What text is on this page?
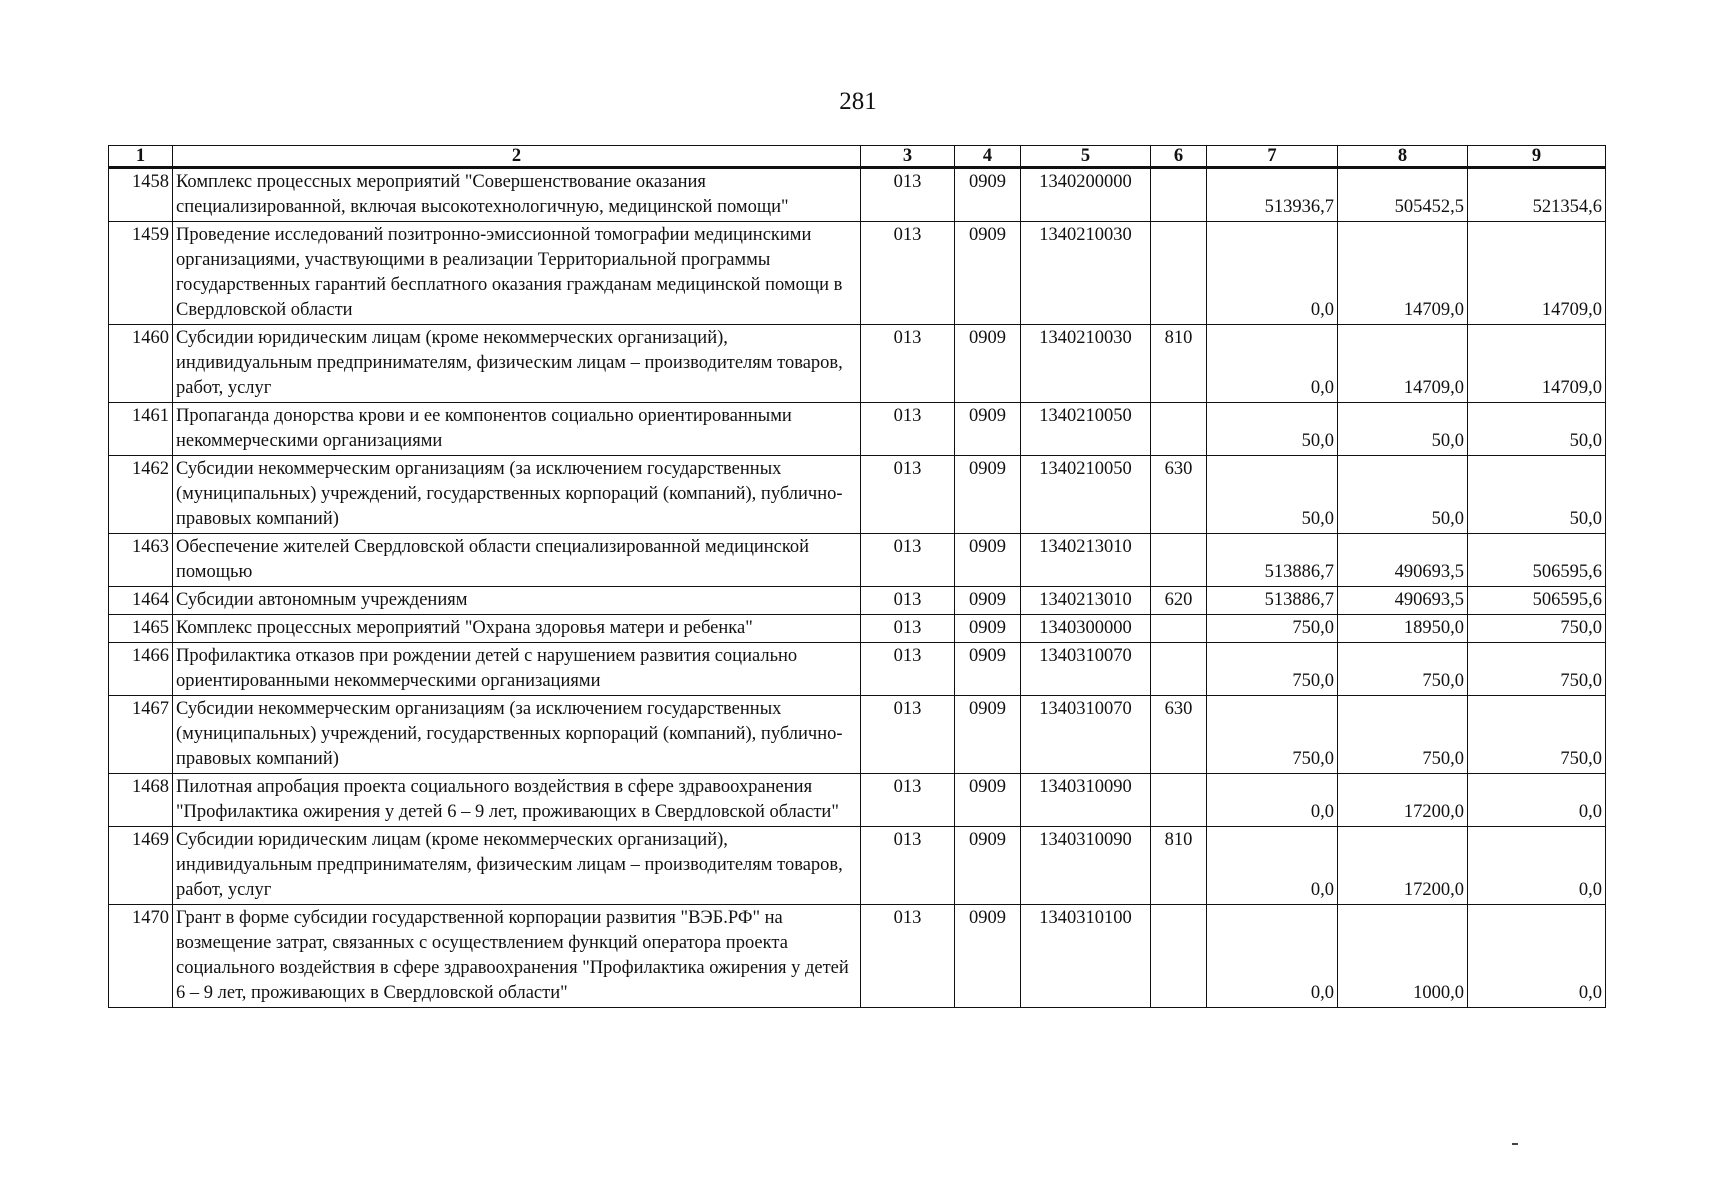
281
1	2	3	4	5	6	7	8	9
1458	Комплекс процессных мероприятий "Совершенствование оказания специализированной, включая высокотехнологичную, медицинской помощи"	013	0909	1340200000		513936,7	505452,5	521354,6
1459	Проведение исследований позитронно-эмиссионной томографии медицинскими организациями, участвующими в реализации Территориальной программы государственных гарантий бесплатного оказания гражданам медицинской помощи в Свердловской области	013	0909	1340210030		0,0	14709,0	14709,0
1460	Субсидии юридическим лицам (кроме некоммерческих организаций), индивидуальным предпринимателям, физическим лицам – производителям товаров, работ, услуг	013	0909	1340210030	810	0,0	14709,0	14709,0
1461	Пропаганда донорства крови и ее компонентов социально ориентированными некоммерческими организациями	013	0909	1340210050		50,0	50,0	50,0
1462	Субсидии некоммерческим организациям (за исключением государственных (муниципальных) учреждений, государственных корпораций (компаний), публично-правовых компаний)	013	0909	1340210050	630	50,0	50,0	50,0
1463	Обеспечение жителей Свердловской области специализированной медицинской помощью	013	0909	1340213010		513886,7	490693,5	506595,6
1464	Субсидии автономным учреждениям	013	0909	1340213010	620	513886,7	490693,5	506595,6
1465	Комплекс процессных мероприятий "Охрана здоровья матери и ребенка"	013	0909	1340300000		750,0	18950,0	750,0
1466	Профилактика отказов при рождении детей с нарушением развития социально ориентированными некоммерческими организациями	013	0909	1340310070		750,0	750,0	750,0
1467	Субсидии некоммерческим организациям (за исключением государственных (муниципальных) учреждений, государственных корпораций (компаний), публично-правовых компаний)	013	0909	1340310070	630	750,0	750,0	750,0
1468	Пилотная апробация проекта социального воздействия в сфере здравоохранения "Профилактика ожирения у детей 6 – 9 лет, проживающих в Свердловской области"	013	0909	1340310090		0,0	17200,0	0,0
1469	Субсидии юридическим лицам (кроме некоммерческих организаций), индивидуальным предпринимателям, физическим лицам – производителям товаров, работ, услуг	013	0909	1340310090	810	0,0	17200,0	0,0
1470	Грант в форме субсидии государственной корпорации развития "ВЭБ.РФ" на возмещение затрат, связанных с осуществлением функций оператора проекта социального воздействия в сфере здравоохранения "Профилактика ожирения у детей 6 – 9 лет, проживающих в Свердловской области"	013	0909	1340310100		0,0	1000,0	0,0
